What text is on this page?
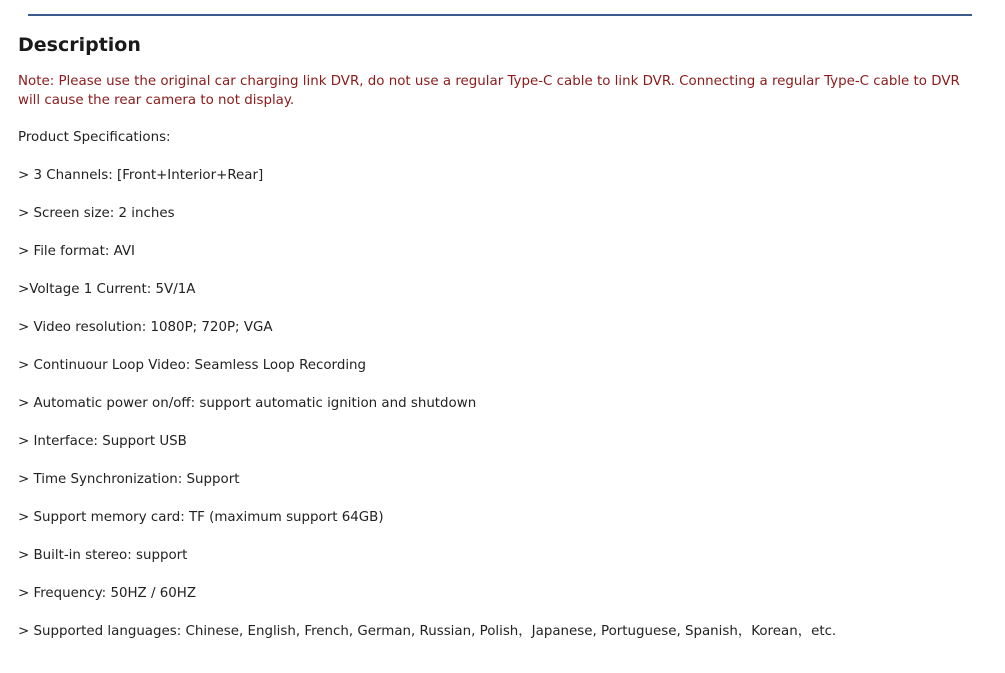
Description

Note: Please use the original car charging link DVR, do not use a regular Type-C cable to link DVR. Connecting a regular Type-C cable to DVR will cause the rear camera to not display.

Product Specifications:

> 3 Channels: [Front+Interior+Rear]
> Screen size: 2 inches
> File format: AVI
>Voltage 1 Current: 5V/1A
> Video resolution: 1080P; 720P; VGA
> Continuour Loop Video: Seamless Loop Recording
> Automatic power on/off: support automatic ignition and shutdown
> Interface: Support USB
> Time Synchronization: Support
> Support memory card: TF (maximum support 64GB)
> Built-in stereo: support
> Frequency: 50HZ / 60HZ
> Supported languages: Chinese, English, French, German, Russian, Polish，Japanese, Portuguese, Spanish，Korean，etc.
